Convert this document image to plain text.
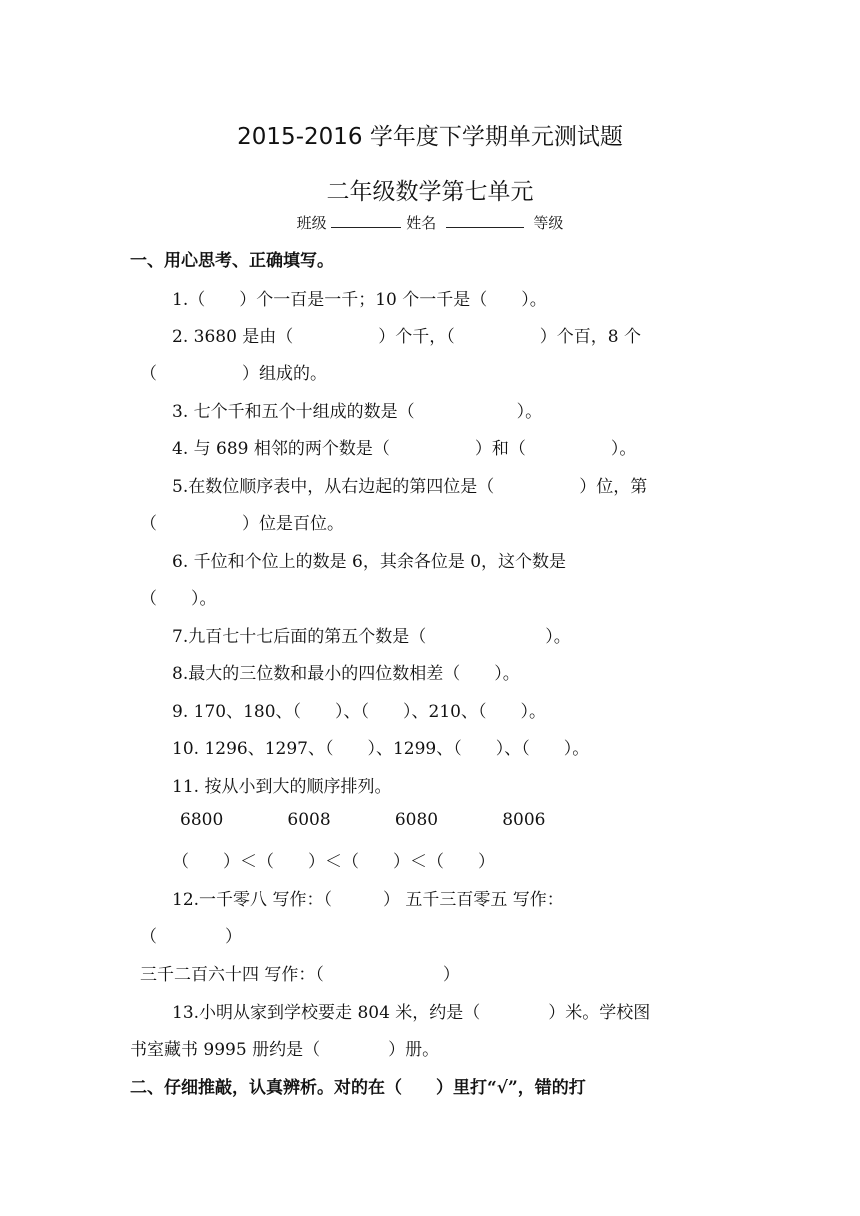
2015-2016 学年度下学期单元测试题
二年级数学第七单元
班级	姓名	等级
一、用心思考、正确填写。
1.（　　）个一百是一千；10 个一千是（　　）。
2. 3680 是由（　　　　　）个千，（　　　　　）个百，8 个
（　　　　　）组成的。
3. 七个千和五个十组成的数是（　　　　　　）。
4. 与 689 相邻的两个数是（　　　　　）和（　　　　　）。
5.在数位顺序表中，从右边起的第四位是（　　　　　）位，第
（　　　　　）位是百位。
6. 千位和个位上的数是 6，其余各位是 0，这个数是
（　　）。
7.九百七十七后面的第五个数是（　　　　　　　）。
8.最大的三位数和最小的四位数相差（　　）。
9. 170、180、（　　）、（　　）、210、（　　）。
10. 1296、1297、（　　）、1299、（　　）、（　　）。
11. 按从小到大的顺序排列。
6800	6008	6080	8006
（　　）＜（　　）＜（　　）＜（　　）
12.一千零八 写作：（　　　） 五千三百零五 写作：
（　　　　）
三千二百六十四 写作：（　　　　　　　）
13.小明从家到学校要走 804 米，约是（　　　　）米。学校图
书室藏书 9995 册约是（　　　　）册。
二、仔细推敲，认真辨析。对的在（　　）里打“√”，错的打
